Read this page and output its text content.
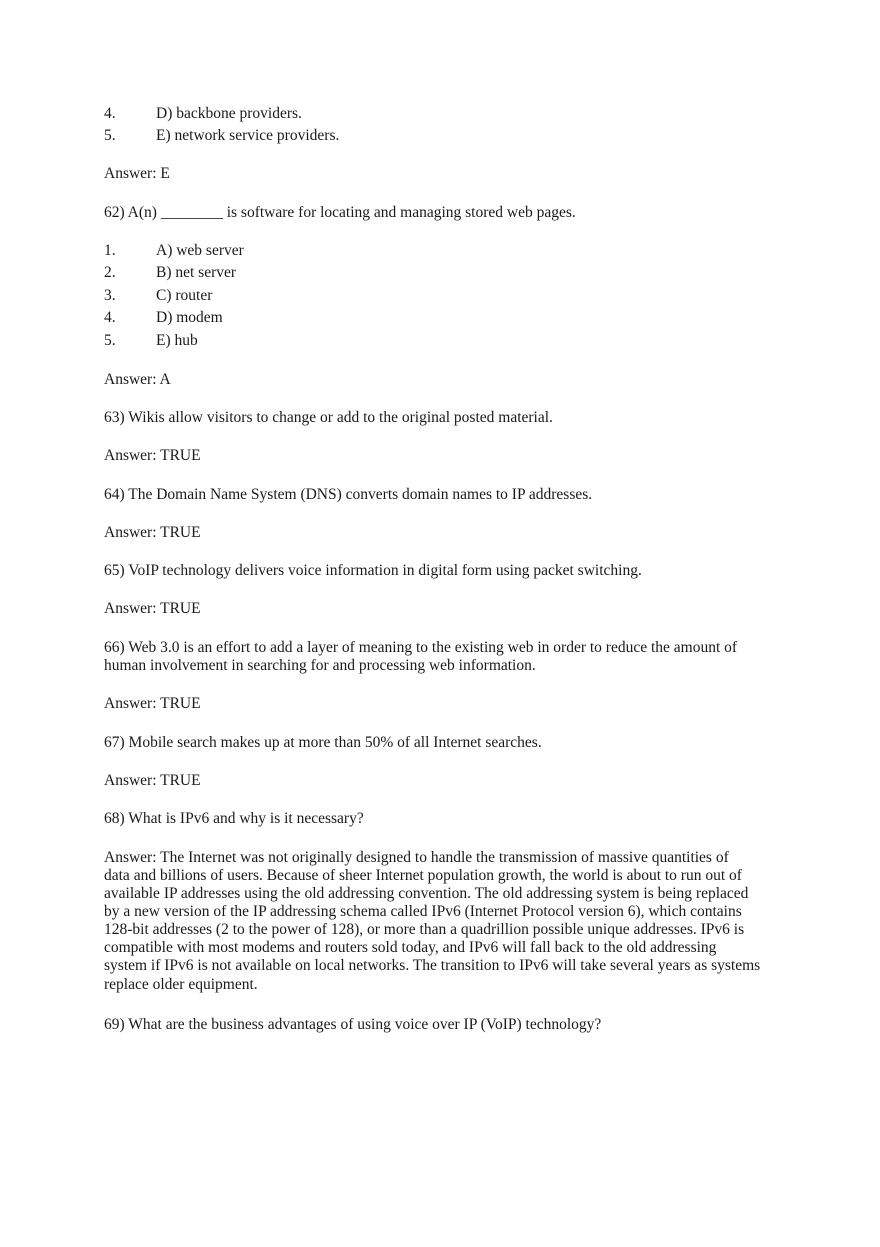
4.	D) backbone providers.
5.	E) network service providers.
Answer: E
62) A(n) ________ is software for locating and managing stored web pages.
1.	A) web server
2.	B) net server
3.	C) router
4.	D) modem
5.	E) hub
Answer: A
63) Wikis allow visitors to change or add to the original posted material.
Answer: TRUE
64) The Domain Name System (DNS) converts domain names to IP addresses.
Answer: TRUE
65) VoIP technology delivers voice information in digital form using packet switching.
Answer: TRUE
66) Web 3.0 is an effort to add a layer of meaning to the existing web in order to reduce the amount of
human involvement in searching for and processing web information.
Answer: TRUE
67) Mobile search makes up at more than 50% of all Internet searches.
Answer: TRUE
68) What is IPv6 and why is it necessary?
Answer: The Internet was not originally designed to handle the transmission of massive quantities of
data and billions of users. Because of sheer Internet population growth, the world is about to run out of
available IP addresses using the old addressing convention. The old addressing system is being replaced
by a new version of the IP addressing schema called IPv6 (Internet Protocol version 6), which contains
128-bit addresses (2 to the power of 128), or more than a quadrillion possible unique addresses. IPv6 is
compatible with most modems and routers sold today, and IPv6 will fall back to the old addressing
system if IPv6 is not available on local networks. The transition to IPv6 will take several years as systems
replace older equipment.
69) What are the business advantages of using voice over IP (VoIP) technology?
